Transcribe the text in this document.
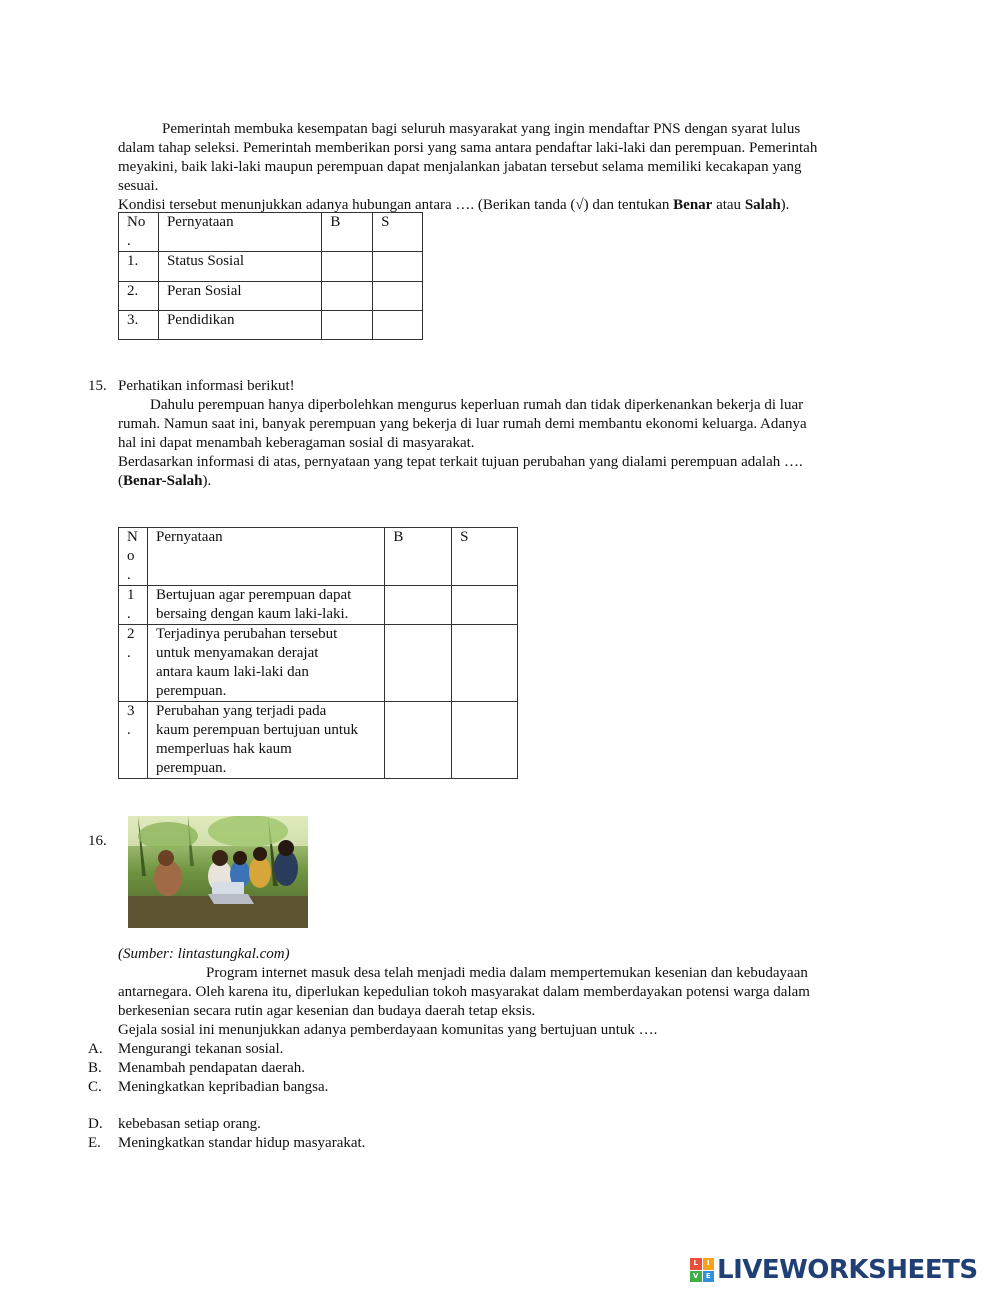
Pemerintah membuka kesempatan bagi seluruh masyarakat yang ingin mendaftar PNS dengan syarat lulus
dalam tahap seleksi. Pemerintah memberikan porsi yang sama antara pendaftar laki-laki dan perempuan. Pemerintah
meyakini, baik laki-laki maupun perempuan dapat menjalankan jabatan tersebut selama memiliki kecakapan yang
sesuai.
Kondisi tersebut menunjukkan adanya hubungan antara …. (Berikan tanda (√) dan tentukan Benar atau Salah).
No
.	Pernyataan	B	S
1.	Status Sosial		
2.	Peran Sosial		
3.	Pendidikan		
15. Perhatikan informasi berikut!
Dahulu perempuan hanya diperbolehkan mengurus keperluan rumah dan tidak diperkenankan bekerja di luar
rumah. Namun saat ini, banyak perempuan yang bekerja di luar rumah demi membantu ekonomi keluarga. Adanya
hal ini dapat menambah keberagaman sosial di masyarakat.
Berdasarkan informasi di atas, pernyataan yang tepat terkait tujuan perubahan yang dialami perempuan adalah ….
(Benar-Salah).
N
o
.	Pernyataan	B	S
1
.	Bertujuan agar perempuan dapat
bersaing dengan kaum laki-laki.		
2
.	Terjadinya perubahan tersebut
untuk menyamakan derajat
antara kaum laki-laki dan
perempuan.		
3
.	Perubahan yang terjadi pada
kaum perempuan bertujuan untuk
memperluas hak kaum
perempuan.		
16.
(Sumber: lintastungkal.com)
Program internet masuk desa telah menjadi media dalam mempertemukan kesenian dan kebudayaan
antarnegara. Oleh karena itu, diperlukan kepedulian tokoh masyarakat dalam memberdayakan potensi warga dalam
berkesenian secara rutin agar kesenian dan budaya daerah tetap eksis.
Gejala sosial ini menunjukkan adanya pemberdayaan komunitas yang bertujuan untuk ….
A. Mengurangi tekanan sosial.
B. Menambah pendapatan daerah.
C. Meningkatkan kepribadian bangsa.
D. kebebasan setiap orang.
E. Meningkatkan standar hidup masyarakat.
L	I
V	E LIVEWORKSHEETS
